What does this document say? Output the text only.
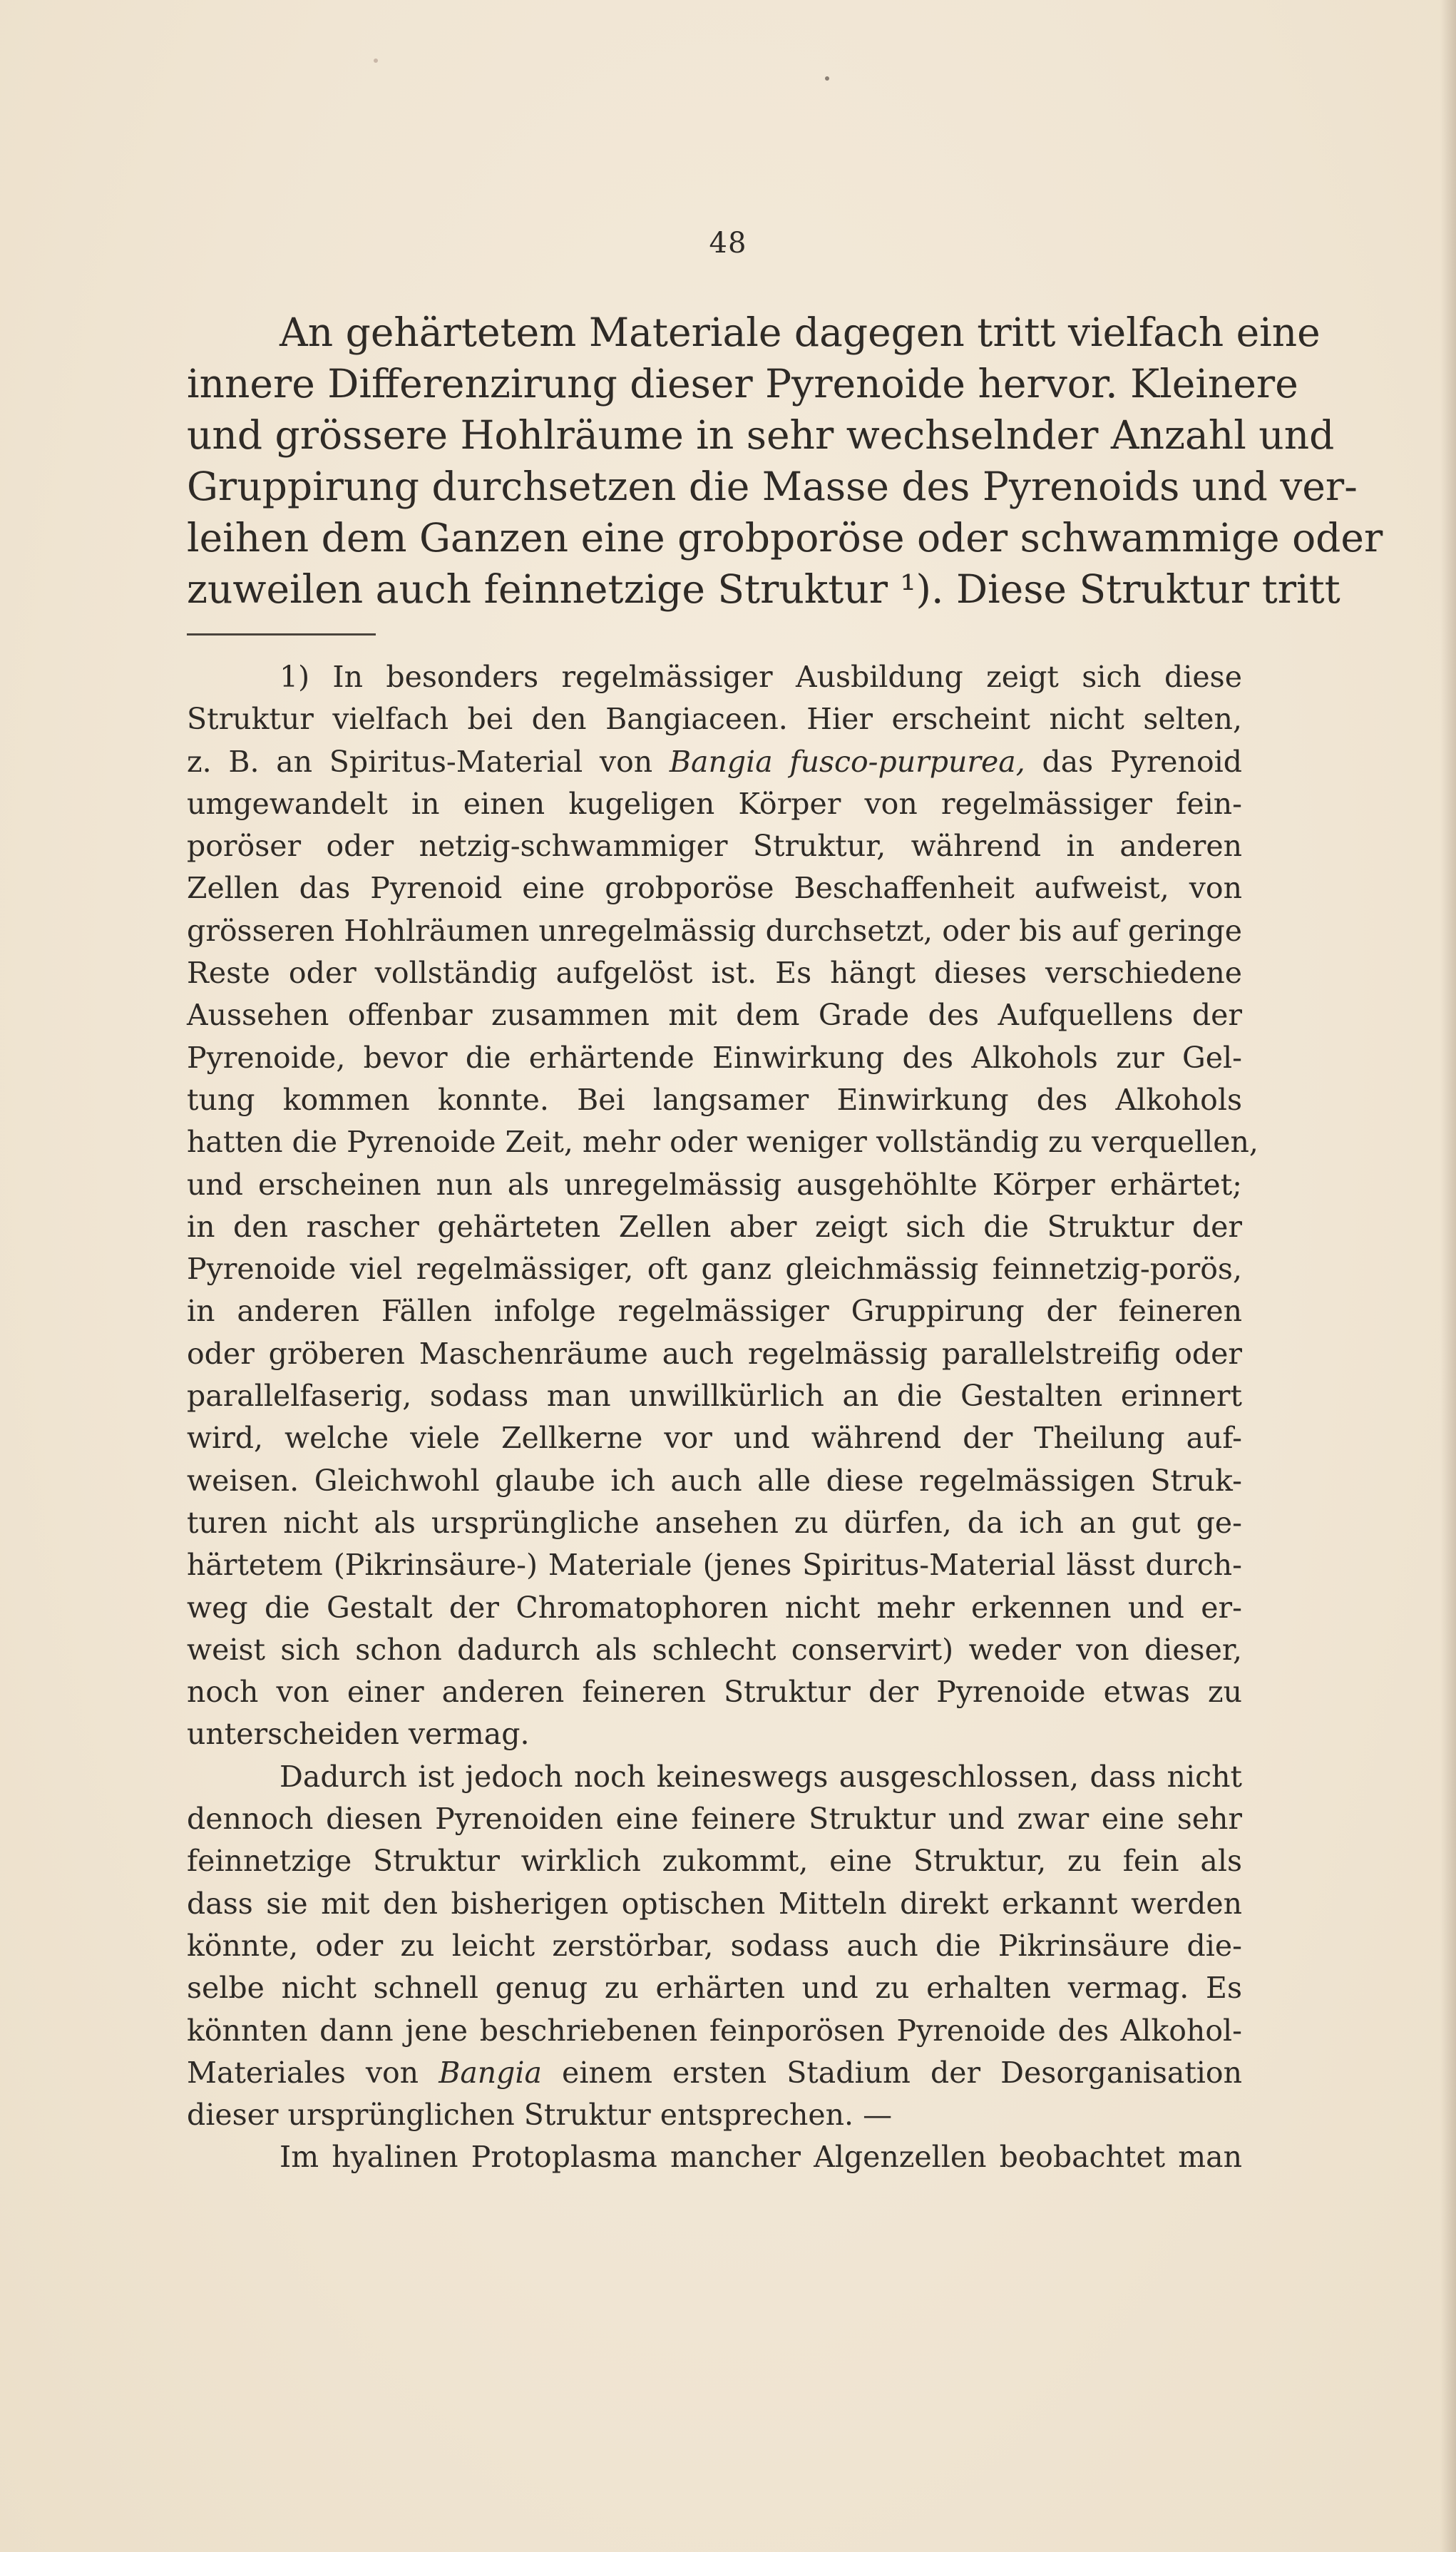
48
An gehärtetem Materiale dagegen tritt vielfach eine
innere Differenzirung dieser Pyrenoide hervor. Kleinere
und grössere Hohlräume in sehr wechselnder Anzahl und
Gruppirung durchsetzen die Masse des Pyrenoids und ver-
leihen dem Ganzen eine grobporöse oder schwammige oder
zuweilen auch feinnetzige Struktur ¹). Diese Struktur tritt
1) In besonders regelmässiger Ausbildung zeigt sich diese
Struktur vielfach bei den Bangiaceen. Hier erscheint nicht selten,
z. B. an Spiritus-Material von Bangia fusco-purpurea, das Pyrenoid
umgewandelt in einen kugeligen Körper von regelmässiger fein-
poröser oder netzig-schwammiger Struktur, während in anderen
Zellen das Pyrenoid eine grobporöse Beschaffenheit aufweist, von
grösseren Hohlräumen unregelmässig durchsetzt, oder bis auf geringe
Reste oder vollständig aufgelöst ist. Es hängt dieses verschiedene
Aussehen offenbar zusammen mit dem Grade des Aufquellens der
Pyrenoide, bevor die erhärtende Einwirkung des Alkohols zur Gel-
tung kommen konnte. Bei langsamer Einwirkung des Alkohols
hatten die Pyrenoide Zeit, mehr oder weniger vollständig zu verquellen,
und erscheinen nun als unregelmässig ausgehöhlte Körper erhärtet;
in den rascher gehärteten Zellen aber zeigt sich die Struktur der
Pyrenoide viel regelmässiger, oft ganz gleichmässig feinnetzig-porös,
in anderen Fällen infolge regelmässiger Gruppirung der feineren
oder gröberen Maschenräume auch regelmässig parallelstreifig oder
parallelfaserig, sodass man unwillkürlich an die Gestalten erinnert
wird, welche viele Zellkerne vor und während der Theilung auf-
weisen. Gleichwohl glaube ich auch alle diese regelmässigen Struk-
turen nicht als ursprüngliche ansehen zu dürfen, da ich an gut ge-
härtetem (Pikrinsäure-) Materiale (jenes Spiritus-Material lässt durch-
weg die Gestalt der Chromatophoren nicht mehr erkennen und er-
weist sich schon dadurch als schlecht conservirt) weder von dieser,
noch von einer anderen feineren Struktur der Pyrenoide etwas zu
unterscheiden vermag.
Dadurch ist jedoch noch keineswegs ausgeschlossen, dass nicht
dennoch diesen Pyrenoiden eine feinere Struktur und zwar eine sehr
feinnetzige Struktur wirklich zukommt, eine Struktur, zu fein als
dass sie mit den bisherigen optischen Mitteln direkt erkannt werden
könnte, oder zu leicht zerstörbar, sodass auch die Pikrinsäure die-
selbe nicht schnell genug zu erhärten und zu erhalten vermag. Es
könnten dann jene beschriebenen feinporösen Pyrenoide des Alkohol-
Materiales von Bangia einem ersten Stadium der Desorganisation
dieser ursprünglichen Struktur entsprechen. —
Im hyalinen Protoplasma mancher Algenzellen beobachtet man
